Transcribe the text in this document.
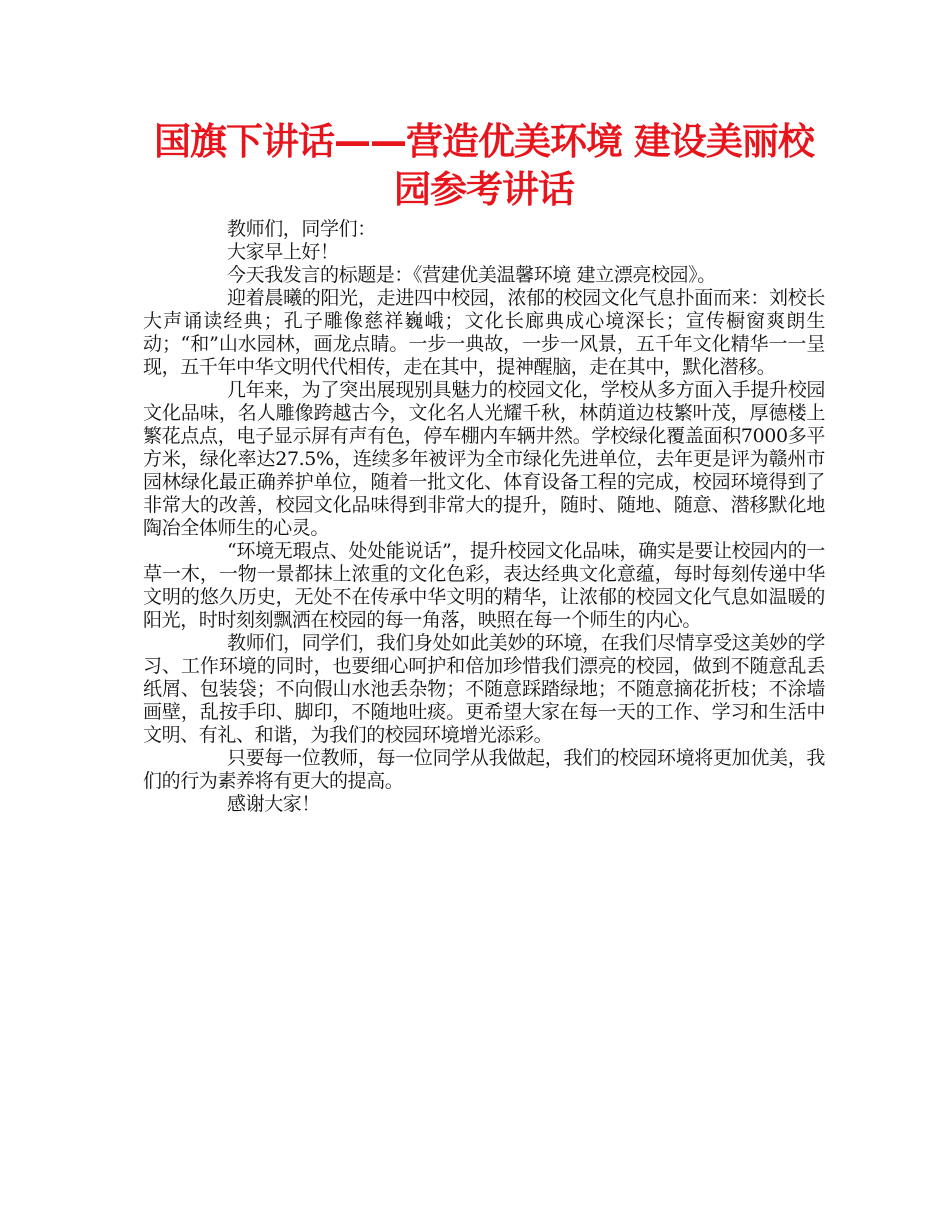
国旗下讲话——营造优美环境 建设美丽校园参考讲话

教师们，同学们：

大家早上好！

今天我发言的标题是：《营建优美温馨环境 建立漂亮校园》。

迎着晨曦的阳光，走进四中校园，浓郁的校园文化气息扑面而来：刘校长大声诵读经典；孔子雕像慈祥巍峨；文化长廊典成心境深长；宣传橱窗爽朗生动；“和”山水园林，画龙点睛。一步一典故，一步一风景，五千年文化精华一一呈现，五千年中华文明代代相传，走在其中，提神醒脑，走在其中，默化潜移。

几年来，为了突出展现别具魅力的校园文化，学校从多方面入手提升校园文化品味，名人雕像跨越古今，文化名人光耀千秋，林荫道边枝繁叶茂，厚德楼上繁花点点，电子显示屏有声有色，停车棚内车辆井然。学校绿化覆盖面积7000多平方米，绿化率达27.5%，连续多年被评为全市绿化先进单位，去年更是评为赣州市园林绿化最正确养护单位，随着一批文化、体育设备工程的完成，校园环境得到了非常大的改善，校园文化品味得到非常大的提升，随时、随地、随意、潜移默化地陶冶全体师生的心灵。

“环境无瑕点、处处能说话”，提升校园文化品味，确实是要让校园内的一草一木，一物一景都抹上浓重的文化色彩，表达经典文化意蕴，每时每刻传递中华文明的悠久历史，无处不在传承中华文明的精华，让浓郁的校园文化气息如温暖的阳光，时时刻刻飘洒在校园的每一角落，映照在每一个师生的内心。

教师们，同学们，我们身处如此美妙的环境，在我们尽情享受这美妙的学习、工作环境的同时，也要细心呵护和倍加珍惜我们漂亮的校园，做到不随意乱丢纸屑、包装袋；不向假山水池丢杂物；不随意踩踏绿地；不随意摘花折枝；不涂墙画壁，乱按手印、脚印，不随地吐痰。更希望大家在每一天的工作、学习和生活中文明、有礼、和谐，为我们的校园环境增光添彩。

只要每一位教师，每一位同学从我做起，我们的校园环境将更加优美，我们的行为素养将有更大的提高。

感谢大家！
